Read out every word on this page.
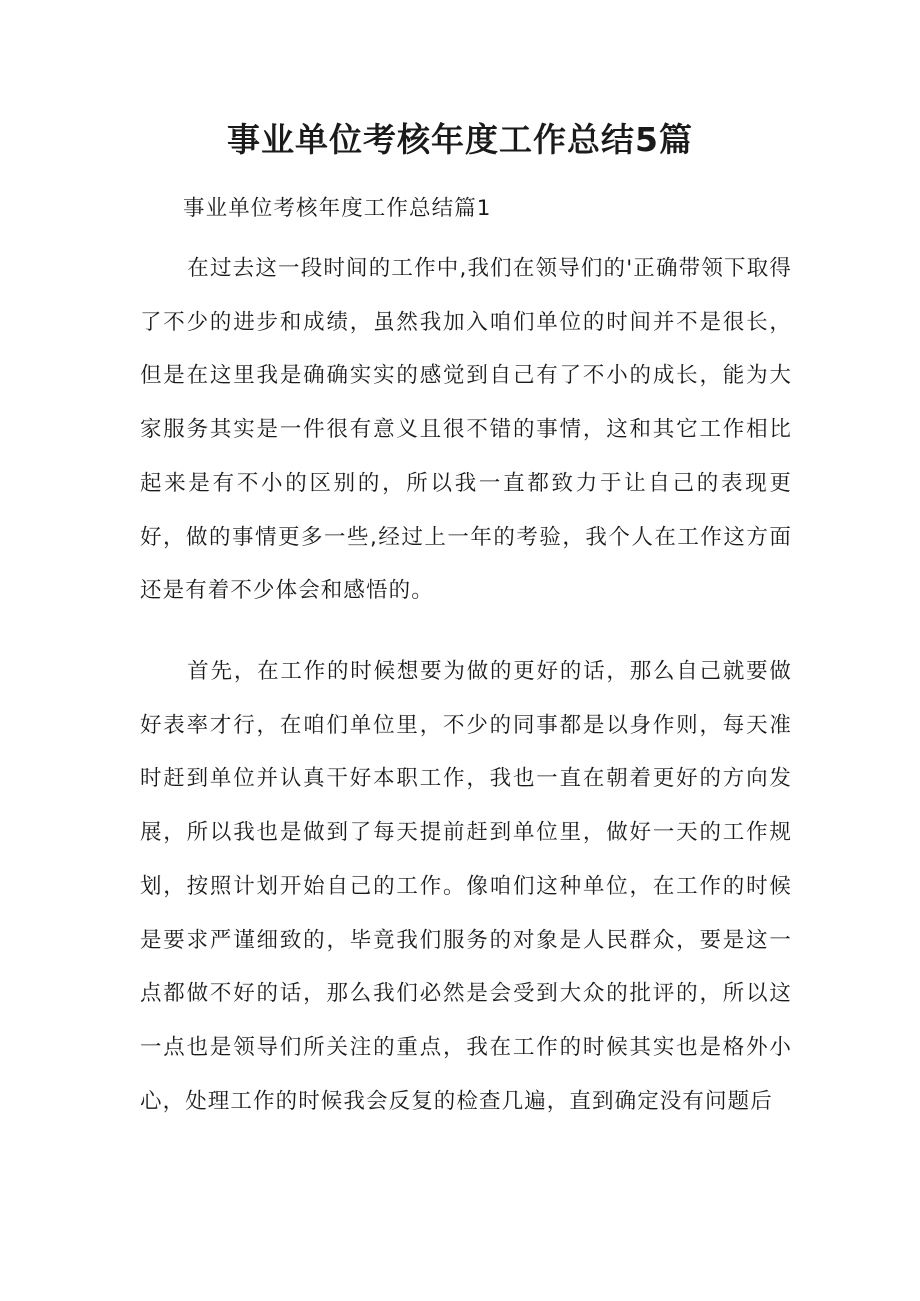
事业单位考核年度工作总结5篇

事业单位考核年度工作总结篇1

在过去这一段时间的工作中,我们在领导们的'正确带领下取得了不少的进步和成绩，虽然我加入咱们单位的时间并不是很长，但是在这里我是确确实实的感觉到自己有了不小的成长，能为大家服务其实是一件很有意义且很不错的事情，这和其它工作相比起来是有不小的区别的，所以我一直都致力于让自己的表现更好，做的事情更多一些,经过上一年的考验，我个人在工作这方面还是有着不少体会和感悟的。

首先，在工作的时候想要为做的更好的话，那么自己就要做好表率才行，在咱们单位里，不少的同事都是以身作则，每天准时赶到单位并认真干好本职工作，我也一直在朝着更好的方向发展，所以我也是做到了每天提前赶到单位里，做好一天的工作规划，按照计划开始自己的工作。像咱们这种单位，在工作的时候是要求严谨细致的，毕竟我们服务的对象是人民群众，要是这一点都做不好的话，那么我们必然是会受到大众的批评的，所以这一点也是领导们所关注的重点，我在工作的时候其实也是格外小心，处理工作的时候我会反复的检查几遍，直到确定没有问题后
